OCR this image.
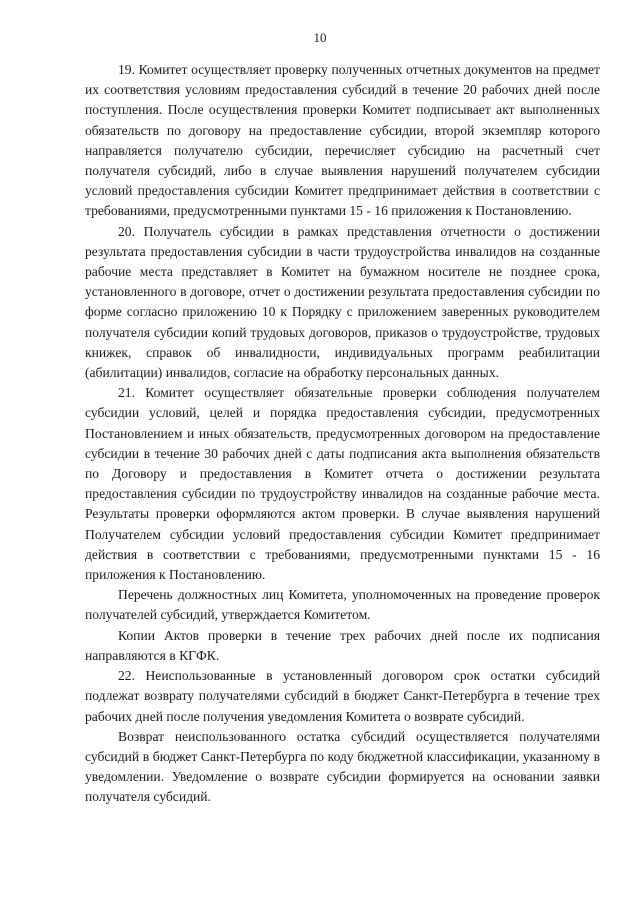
10

19. Комитет осуществляет проверку полученных отчетных документов на предмет их соответствия условиям предоставления субсидий в течение 20 рабочих дней после поступления. После осуществления проверки Комитет подписывает акт выполненных обязательств по договору на предоставление субсидии, второй экземпляр которого направляется получателю субсидии, перечисляет субсидию на расчетный счет получателя субсидий, либо в случае выявления нарушений получателем субсидии условий предоставления субсидии Комитет предпринимает действия в соответствии с требованиями, предусмотренными пунктами 15 - 16 приложения к Постановлению.

20. Получатель субсидии в рамках представления отчетности о достижении результата предоставления субсидии в части трудоустройства инвалидов на созданные рабочие места представляет в Комитет на бумажном носителе не позднее срока, установленного в договоре, отчет о достижении результата предоставления субсидии по форме согласно приложению 10 к Порядку с приложением заверенных руководителем получателя субсидии копий трудовых договоров, приказов о трудоустройстве, трудовых книжек, справок об инвалидности, индивидуальных программ реабилитации (абилитации) инвалидов, согласие на обработку персональных данных.

21. Комитет осуществляет обязательные проверки соблюдения получателем субсидии условий, целей и порядка предоставления субсидии, предусмотренных Постановлением и иных обязательств, предусмотренных договором на предоставление субсидии в течение 30 рабочих дней с даты подписания акта выполнения обязательств по Договору и предоставления в Комитет отчета о достижении результата предоставления субсидии по трудоустройству инвалидов на созданные рабочие места. Результаты проверки оформляются актом проверки. В случае выявления нарушений Получателем субсидии условий предоставления субсидии Комитет предпринимает действия в соответствии с требованиями, предусмотренными пунктами 15 - 16 приложения к Постановлению.

Перечень должностных лиц Комитета, уполномоченных на проведение проверок получателей субсидий, утверждается Комитетом.

Копии Актов проверки в течение трех рабочих дней после их подписания направляются в КГФК.

22. Неиспользованные в установленный договором срок остатки субсидий подлежат возврату получателями субсидий в бюджет Санкт-Петербурга в течение трех рабочих дней после получения уведомления Комитета о возврате субсидий.

Возврат неиспользованного остатка субсидий осуществляется получателями субсидий в бюджет Санкт-Петербурга по коду бюджетной классификации, указанному в уведомлении. Уведомление о возврате субсидии формируется на основании заявки получателя субсидий.
